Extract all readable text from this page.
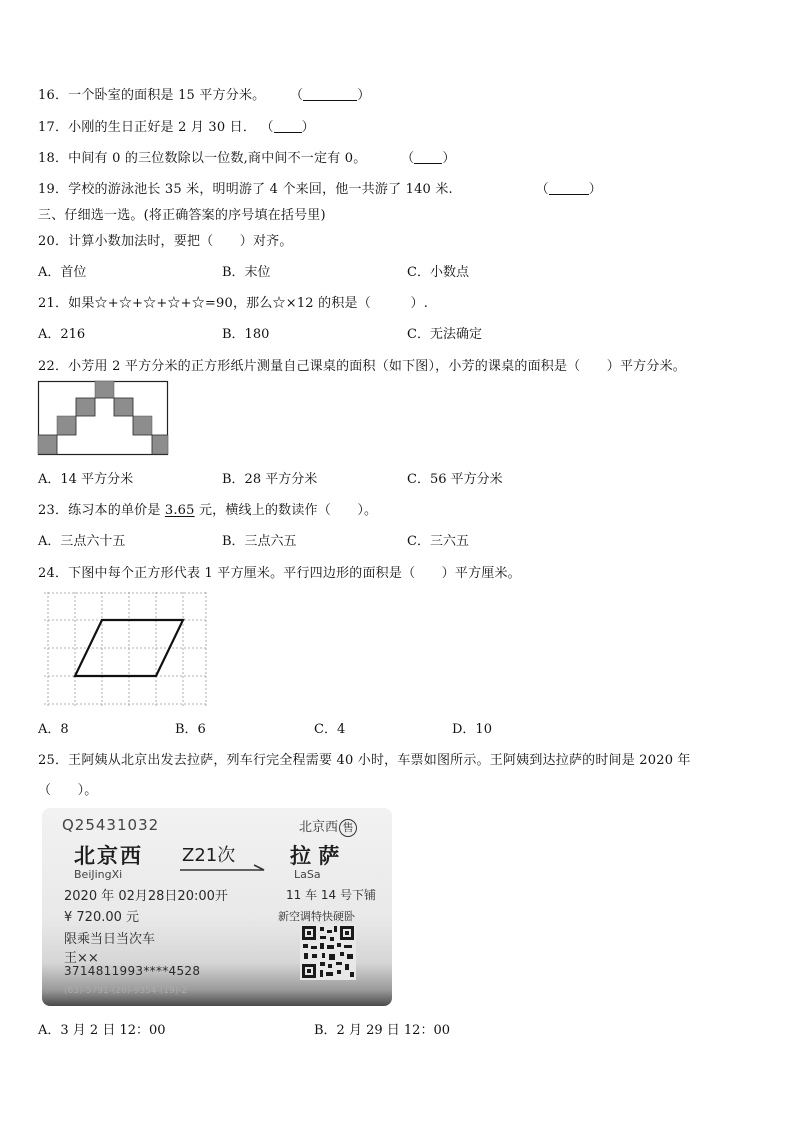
16．一个卧室的面积是 15 平方分米。 （	）
17．小刚的生日正好是 2 月 30 日． （ ）
18．中间有 0 的三位数除以一位数,商中间不一定有 0。	（ ）
19．学校的游泳池长 35 米，明明游了 4 个来回，他一共游了 140 米.	（	）
三、仔细选一选。(将正确答案的序号填在括号里)
20．计算小数加法时，要把（　　）对齐。
A．首位	B．末位	C．小数点
21．如果☆+☆+☆+☆+☆=90，那么☆×12 的积是（　　　）.
A．216	B．180	C．无法确定
22．小芳用 2 平方分米的正方形纸片测量自己课桌的面积（如下图），小芳的课桌的面积是（　　）平方分米。
A．14 平方分米	B．28 平方分米	C．56 平方分米
23．练习本的单价是 3.65 元，横线上的数读作（　　）。
A．三点六十五	B．三点六五	C．三六五
24．下图中每个正方形代表 1 平方厘米。平行四边形的面积是（　　）平方厘米。
A．8	B．6	C．4	D．10
25．王阿姨从北京出发去拉萨，列车行完全程需要 40 小时，车票如图所示。王阿姨到达拉萨的时间是 2020 年
（　　）。
Q25431032	北京西 售
北京西
BeiJingXi
Z21次	拉 萨
LaSa
2020 年 02月28日20:00开	11 车 14 号下铺
¥ 720.00 元	新空调特快硬卧
限乘当日当次车
王××
3714811993****4528
(63)-5791-(26)-9354-(19)-2
A．3 月 2 日 12：00	B．2 月 29 日 12：00
